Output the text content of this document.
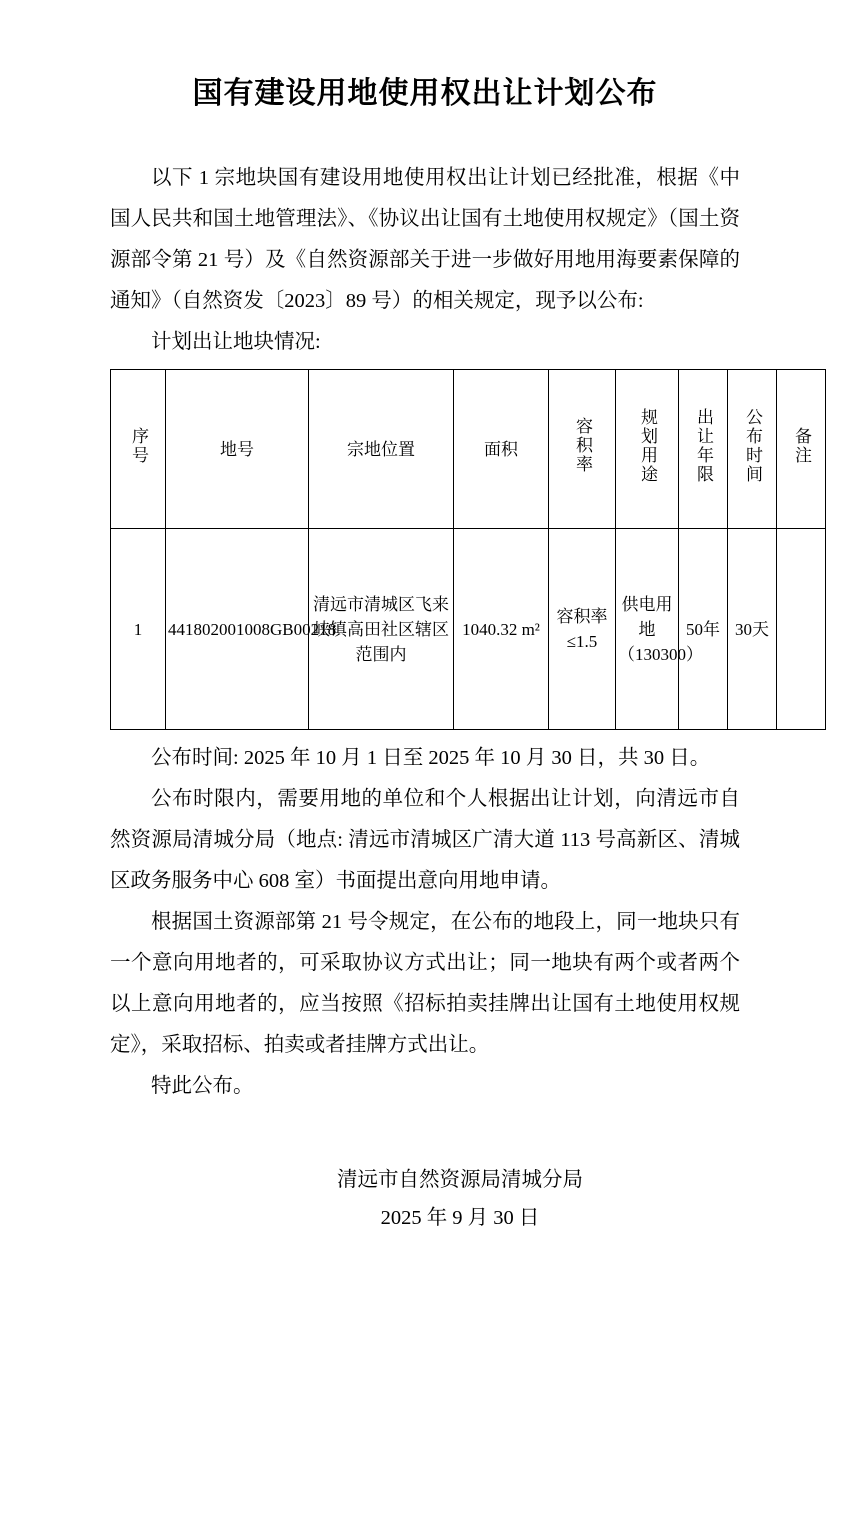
国有建设用地使用权出让计划公布

以下 1 宗地块国有建设用地使用权出让计划已经批准，根据《中国人民共和国土地管理法》、《协议出让国有土地使用权规定》（国土资源部令第 21 号）及《自然资源部关于进一步做好用地用海要素保障的通知》（自然资发〔2023〕89 号）的相关规定，现予以公布:

计划出让地块情况:

序号	地号	宗地位置	面积	容积率	规划用途	出让年限	公布时间	备注
1	441802001008GB00218	清远市清城区飞来峡镇高田社区辖区范围内	1040.32 m²	容积率≤1.5	供电用地（130300）	50年	30天	

公布时间: 2025 年 10 月 1 日至 2025 年 10 月 30 日，共 30 日。

公布时限内，需要用地的单位和个人根据出让计划，向清远市自然资源局清城分局（地点: 清远市清城区广清大道 113 号高新区、清城区政务服务中心 608 室）书面提出意向用地申请。

根据国土资源部第 21 号令规定，在公布的地段上，同一地块只有一个意向用地者的，可采取协议方式出让；同一地块有两个或者两个以上意向用地者的，应当按照《招标拍卖挂牌出让国有土地使用权规定》，采取招标、拍卖或者挂牌方式出让。

特此公布。

清远市自然资源局清城分局
2025 年 9 月 30 日
